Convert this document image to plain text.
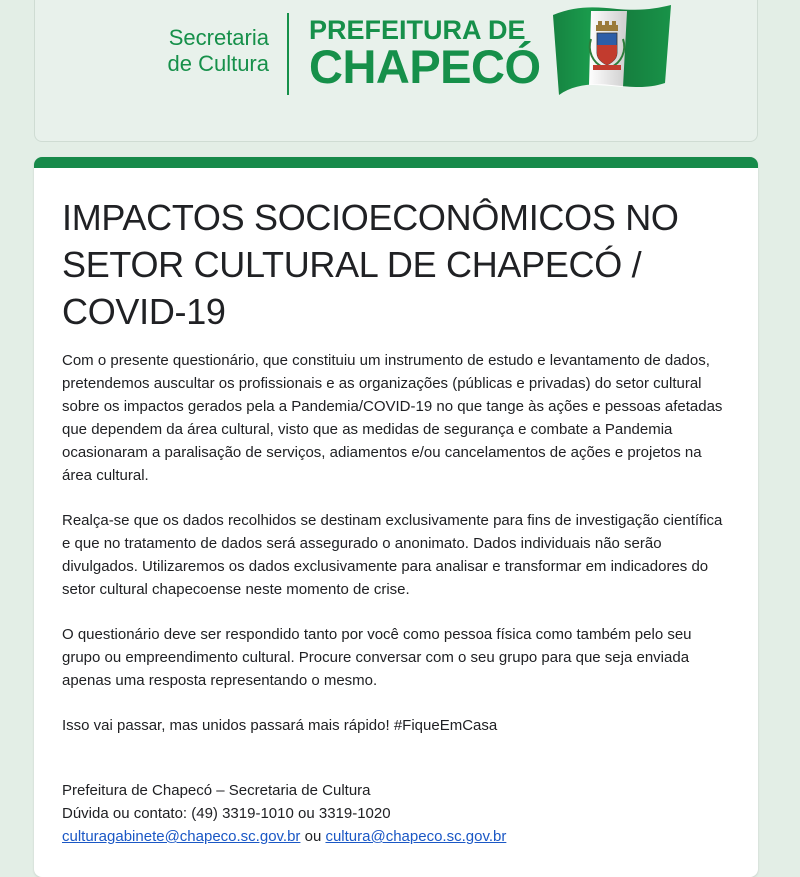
Secretaria
de Cultura
PREFEITURA DE
CHAPECÓ
IMPACTOS SOCIOECONÔMICOS NO SETOR CULTURAL DE CHAPECÓ / COVID-19

Com o presente questionário, que constituiu um instrumento de estudo e levantamento de dados, pretendemos auscultar os profissionais e as organizações (públicas e privadas) do setor cultural sobre os impactos gerados pela a Pandemia/COVID-19 no que tange às ações e pessoas afetadas que dependem da área cultural, visto que as medidas de segurança e combate a Pandemia ocasionaram a paralisação de serviços, adiamentos e/ou cancelamentos de ações e projetos na área cultural.

Realça-se que os dados recolhidos se destinam exclusivamente para fins de investigação científica e que no tratamento de dados será assegurado o anonimato. Dados individuais não serão divulgados. Utilizaremos os dados exclusivamente para analisar e transformar em indicadores do setor cultural chapecoense neste momento de crise.

O questionário deve ser respondido tanto por você como pessoa física como também pelo seu grupo ou empreendimento cultural. Procure conversar com o seu grupo para que seja enviada apenas uma resposta representando o mesmo.

Isso vai passar, mas unidos passará mais rápido! #FiqueEmCasa

Prefeitura de Chapecó – Secretaria de Cultura
Dúvida ou contato: (49) 3319-1010 ou 3319-1020
culturagabinete@chapeco.sc.gov.br ou cultura@chapeco.sc.gov.br
